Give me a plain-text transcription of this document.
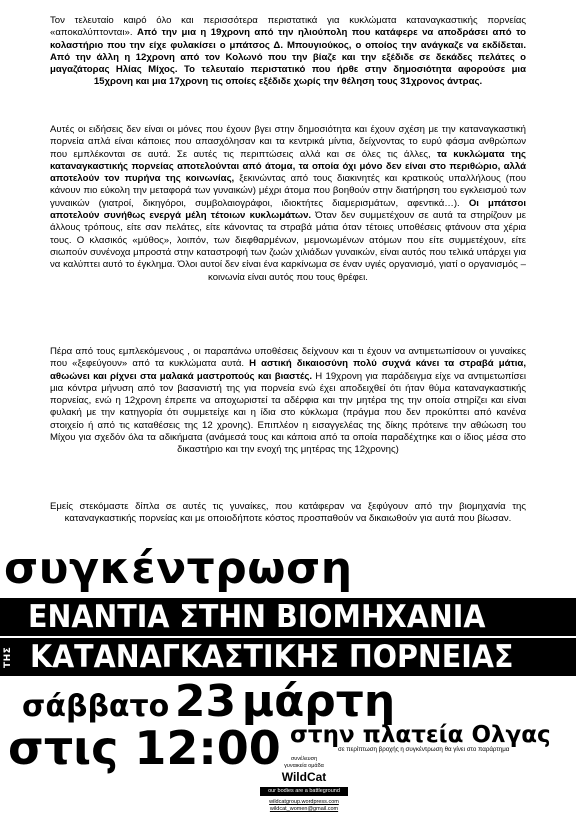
Τον τελευταίο καιρό όλο και περισσότερα περιστατικά για κυκλώματα καταναγκαστικής πορνείας «αποκαλύπτονται». Από την μια η 19χρονη από την ηλιούπολη που κατάφερε να αποδράσει από το κολαστήριο που την είχε φυλακίσει ο μπάτσος Δ. Μπουγιούκος, ο οποίος την ανάγκαζε να εκδίδεται. Από την άλλη η 12χρονη από τον Κολωνό που την βίαζε και την εξέδιδε σε δεκάδες πελάτες ο μαγαζάτορας Ηλίας Μίχος. Το τελευταίο περιστατικό που ήρθε στην δημοσιότητα αφορούσε μια 15χρονη και μια 17χρονη τις οποίες εξέδιδε χωρίς την θέληση τους 31χρονος άντρας.

Αυτές οι ειδήσεις δεν είναι οι μόνες που έχουν βγει στην δημοσιότητα και έχουν σχέση με την καταναγκαστική πορνεία απλά είναι κάποιες που απασχόλησαν και τα κεντρικά μίντια, δείχνοντας το ευρύ φάσμα ανθρώπων που εμπλέκονται σε αυτά. Σε αυτές τις περιπτώσεις αλλά και σε όλες τις άλλες, τα κυκλώματα της καταναγκαστικής πορνείας αποτελούνται από άτομα, τα οποία όχι μόνο δεν είναι στο περιθώριο, αλλά αποτελούν τον πυρήνα της κοινωνίας, ξεκινώντας από τους διακινητές και κρατικούς υπαλλήλους (που κάνουν πιο εύκολη την μεταφορά των γυναικών) μέχρι άτομα που βοηθούν στην διατήρηση του εγκλεισμού των γυναικών (γιατροί, δικηγόροι, συμβολαιογράφοι, ιδιοκτήτες διαμερισμάτων, αφεντικά…). Οι μπάτσοι αποτελούν συνήθως ενεργά μέλη τέτοιων κυκλωμάτων. Όταν δεν συμμετέχουν σε αυτά τα στηρίζουν με άλλους τρόπους, είτε σαν πελάτες, είτε κάνοντας τα στραβά μάτια όταν τέτοιες υποθέσεις φτάνουν στα χέρια τους. Ο κλασικός «μύθος», λοιπόν, των διεφθαρμένων, μεμονωμένων ατόμων που είτε συμμετέχουν, είτε σιωπούν συνένοχα μπροστά στην καταστροφή των ζωών χιλιάδων γυναικών, είναι αυτός που τελικά υπάρχει για να καλύπτει αυτό το έγκλημα. Όλοι αυτοί δεν είναι ένα καρκίνωμα σε έναν υγιές οργανισμό, γιατί ο οργανισμός – κοινωνία είναι αυτός που τους θρέφει.

Πέρα από τους εμπλεκόμενους , οι παραπάνω υποθέσεις δείχνουν και τι έχουν να αντιμετωπίσουν οι γυναίκες που «ξεφεύγουν» από τα κυκλώματα αυτά. Η αστική δικαιοσύνη πολύ συχνά κάνει τα στραβά μάτια, αθωώνει και ρίχνει στα μαλακά μαστροπούς και βιαστές. Η 19χρονη για παράδειγμα είχε να αντιμετωπίσει μια κόντρα μήνυση από τον βασανιστή της για πορνεία ενώ έχει αποδειχθεί ότι ήταν θύμα καταναγκαστικής πορνείας, ενώ η 12χρονη έπρεπε να αποχωριστεί τα αδέρφια και την μητέρα της την οποία στηρίζει και είναι φυλακή με την κατηγορία ότι συμμετείχε και η ίδια στο κύκλωμα (πράγμα που δεν προκύπτει από κανένα στοιχείο ή από τις καταθέσεις της 12 χρονης). Επιπλέον η εισαγγελέας της δίκης πρότεινε την αθώωση του Μίχου για σχεδόν όλα τα αδικήματα (ανάμεσά τους και κάποια από τα οποία παραδέχτηκε και ο ίδιος μέσα στο δικαστήριο και την ενοχή της μητέρας της 12χρονης)

Εμείς στεκόμαστε δίπλα σε αυτές τις γυναίκες, που κατάφεραν να ξεφύγουν από την βιομηχανία της καταναγκαστικής πορνείας και με οποιοδήποτε κόστος προσπαθούν να δικαιωθούν για αυτά που βίωσαν.

συγκέντρωση
ΕΝΑΝΤΙΑ ΣΤΗΝ ΒΙΟΜΗΧΑΝΙΑ
ΤΗΣ ΚΑΤΑΝΑΓΚΑΣΤΙΚΗΣ ΠΟΡΝΕΙΑΣ
σάββατο 23 μάρτη
στις 12:00 στην πλατεία Ολγας
σε περίπτωση βροχής η συγκέντρωση θα γίνει στο παράρτημα
συνέλευση
γυναικεία ομάδα
WildCat
our bodies are a battleground
wildcatgroup.wordpress.com wildcat_women@gmail.com
